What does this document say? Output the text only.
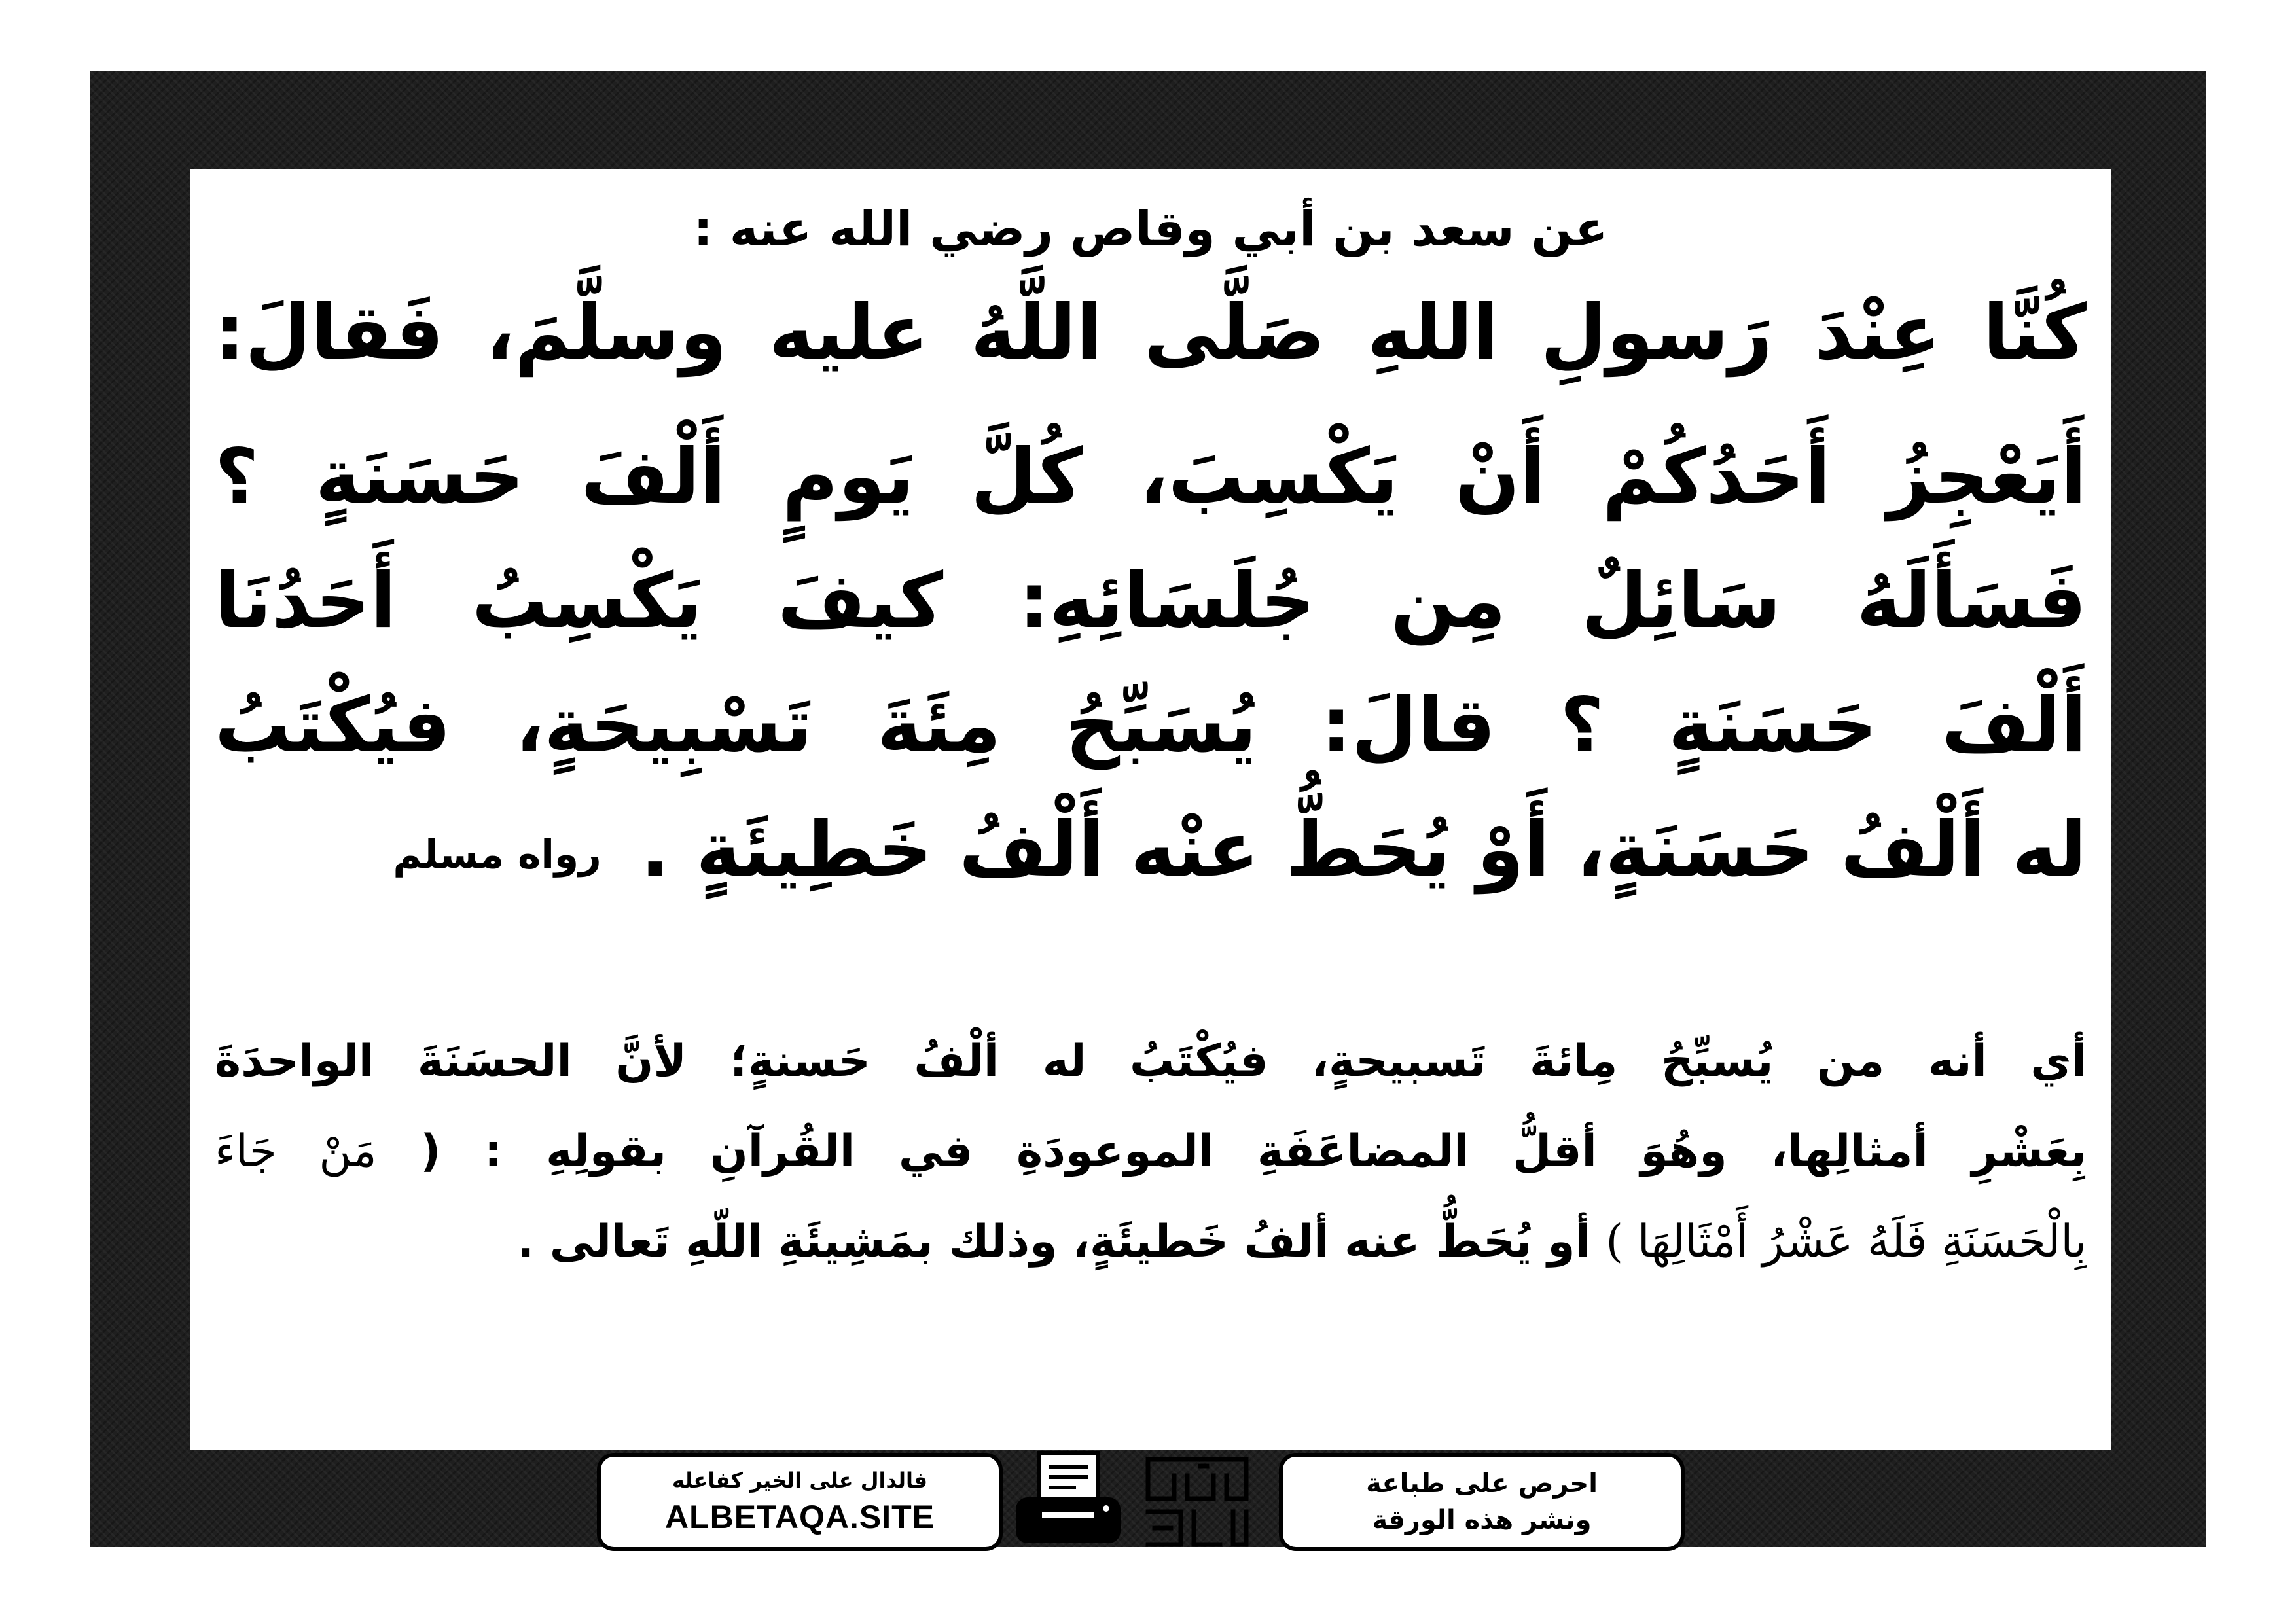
عن سعد بن أبي وقاص رضي الله عنه :
كُنَّا عِنْدَ رَسولِ اللهِ صَلَّى اللَّهُ عليه وسلَّمَ، فَقالَ:
أَيَعْجِزُ أَحَدُكُمْ أَنْ يَكْسِبَ، كُلَّ يَومٍ أَلْفَ حَسَنَةٍ ؟
فَسَأَلَهُ سَائِلٌ مِن جُلَسَائِهِ: كيفَ يَكْسِبُ أَحَدُنَا
أَلْفَ حَسَنَةٍ ؟ قالَ: يُسَبِّحُ مِئَةَ تَسْبِيحَةٍ، فيُكْتَبُ
له أَلْفُ حَسَنَةٍ، أَوْ يُحَطُّ عنْه أَلْفُ خَطِيئَةٍ .رواه مسلم
أي أنه من يُسبِّحُ مِائةَ تَسبيحةٍ، فيُكْتَبُ له ألْفُ حَسنةٍ؛ لأنَّ الحسَنَةَ الواحدَةَ
بِعَشْرِ أمثالِها، وهُوَ أقلُّ المضاعَفَةِ الموعودَةِ في القُرآنِ بقولِهِ : ( مَنْ جَاءَ
بِالْحَسَنَةِ فَلَهُ عَشْرُ أَمْثَالِهَا ) أو يُحَطُّ عنه ألفُ خَطيئَةٍ، وذلك بمَشِيئَةِ اللّهِ تَعالى .
فالدال على الخير كفاعله
ALBETAQA.SITE
احرص على طباعة
ونشر هذه الورقة
